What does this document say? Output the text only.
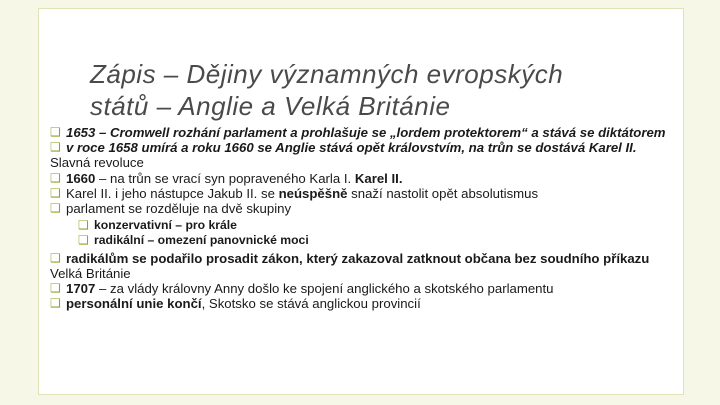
Zápis – Dějiny významných evropských
států – Anglie a Velká Británie
❑ 1653 – Cromwell rozhání parlament a prohlašuje se „lordem protektorem“ a stává se diktátorem
❑ v roce 1658 umírá a roku 1660 se Anglie stává opět královstvím, na trůn se dostává Karel II.
Slavná revoluce
❑ 1660 – na trůn se vrací syn popraveného Karla I. Karel II.
❑ Karel II. i jeho nástupce Jakub II. se neúspěšně snaží nastolit opět absolutismus
❑ parlament se rozděluje na dvě skupiny
❑ konzervativní – pro krále
❑ radikální – omezení panovnické moci
❑ radikálům se podařilo prosadit zákon, který zakazoval zatknout občana bez soudního příkazu
Velká Británie
❑ 1707 – za vlády královny Anny došlo ke spojení anglického a skotského parlamentu
❑ personální unie končí, Skotsko se stává anglickou provincií
